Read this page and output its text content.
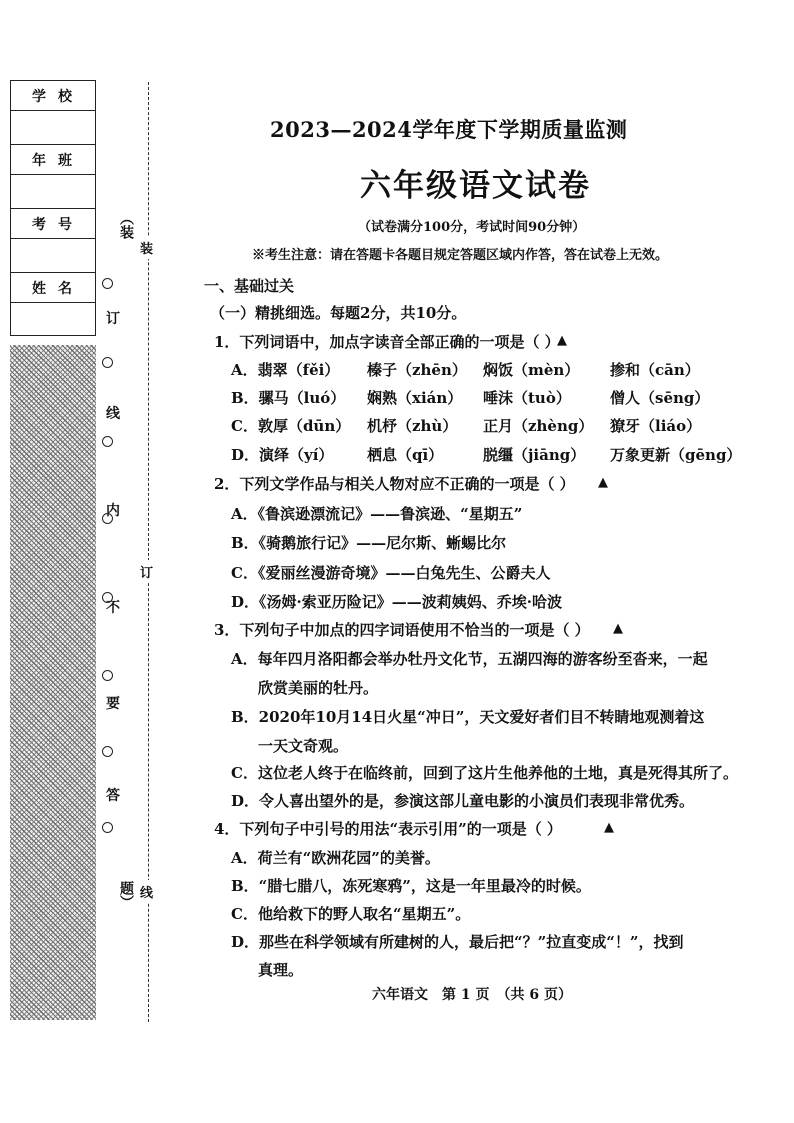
学校
年班
考号
姓名
（装
订
线
内
不
要
答
题）
装
订
线
2023—2024学年度下学期质量监测
六年级语文试卷
（试卷满分100分，考试时间90分钟）
※考生注意：请在答题卡各题目规定答题区域内作答，答在试卷上无效。
一、基础过关
（一）精挑细选。每题2分，共10分。
1．下列词语中，加点字读音全部正确的一项是（ ）
▲
A．翡翠（fěi） 榛子（zhēn） 焖饭（mèn） 掺和（cān）
B．骡马（luó） 娴熟（xián） 唾沫（tuò）	僧人（sēng）
C．敦厚（dūn） 机杼（zhù） 正月（zhèng） 獠牙（liáo）
D．演绎（yí） 栖息（qī）	脱缰（jiāng） 万象更新（gēng）
2．下列文学作品与相关人物对应不正确的一项是（ ） ▲
A．《鲁滨逊漂流记》——鲁滨逊、“星期五”
B．《骑鹅旅行记》——尼尔斯、蜥蜴比尔
C．《爱丽丝漫游奇境》——白兔先生、公爵夫人
D．《汤姆·索亚历险记》——波莉姨妈、乔埃·哈波
3．下列句子中加点的四字词语使用不恰当的一项是（ ） ▲
A．每年四月洛阳都会举办牡丹文化节，五湖四海的游客纷至沓来，一起
欣赏美丽的牡丹。
B．2020年10月14日火星“冲日”，天文爱好者们目不转睛地观测着这
一天文奇观。
C．这位老人终于在临终前，回到了这片生他养他的土地，真是死得其所了。
D．令人喜出望外的是，参演这部儿童电影的小演员们表现非常优秀。
4．下列句子中引号的用法“表示引用”的一项是（ ）	▲
A．荷兰有“欧洲花园”的美誉。
B．“腊七腊八，冻死寒鸦”，这是一年里最冷的时候。
C．他给救下的野人取名“星期五”。
D．那些在科学领域有所建树的人，最后把“？”拉直变成“！”，找到
真理。
六年语文　第 1 页　（共 6 页）
